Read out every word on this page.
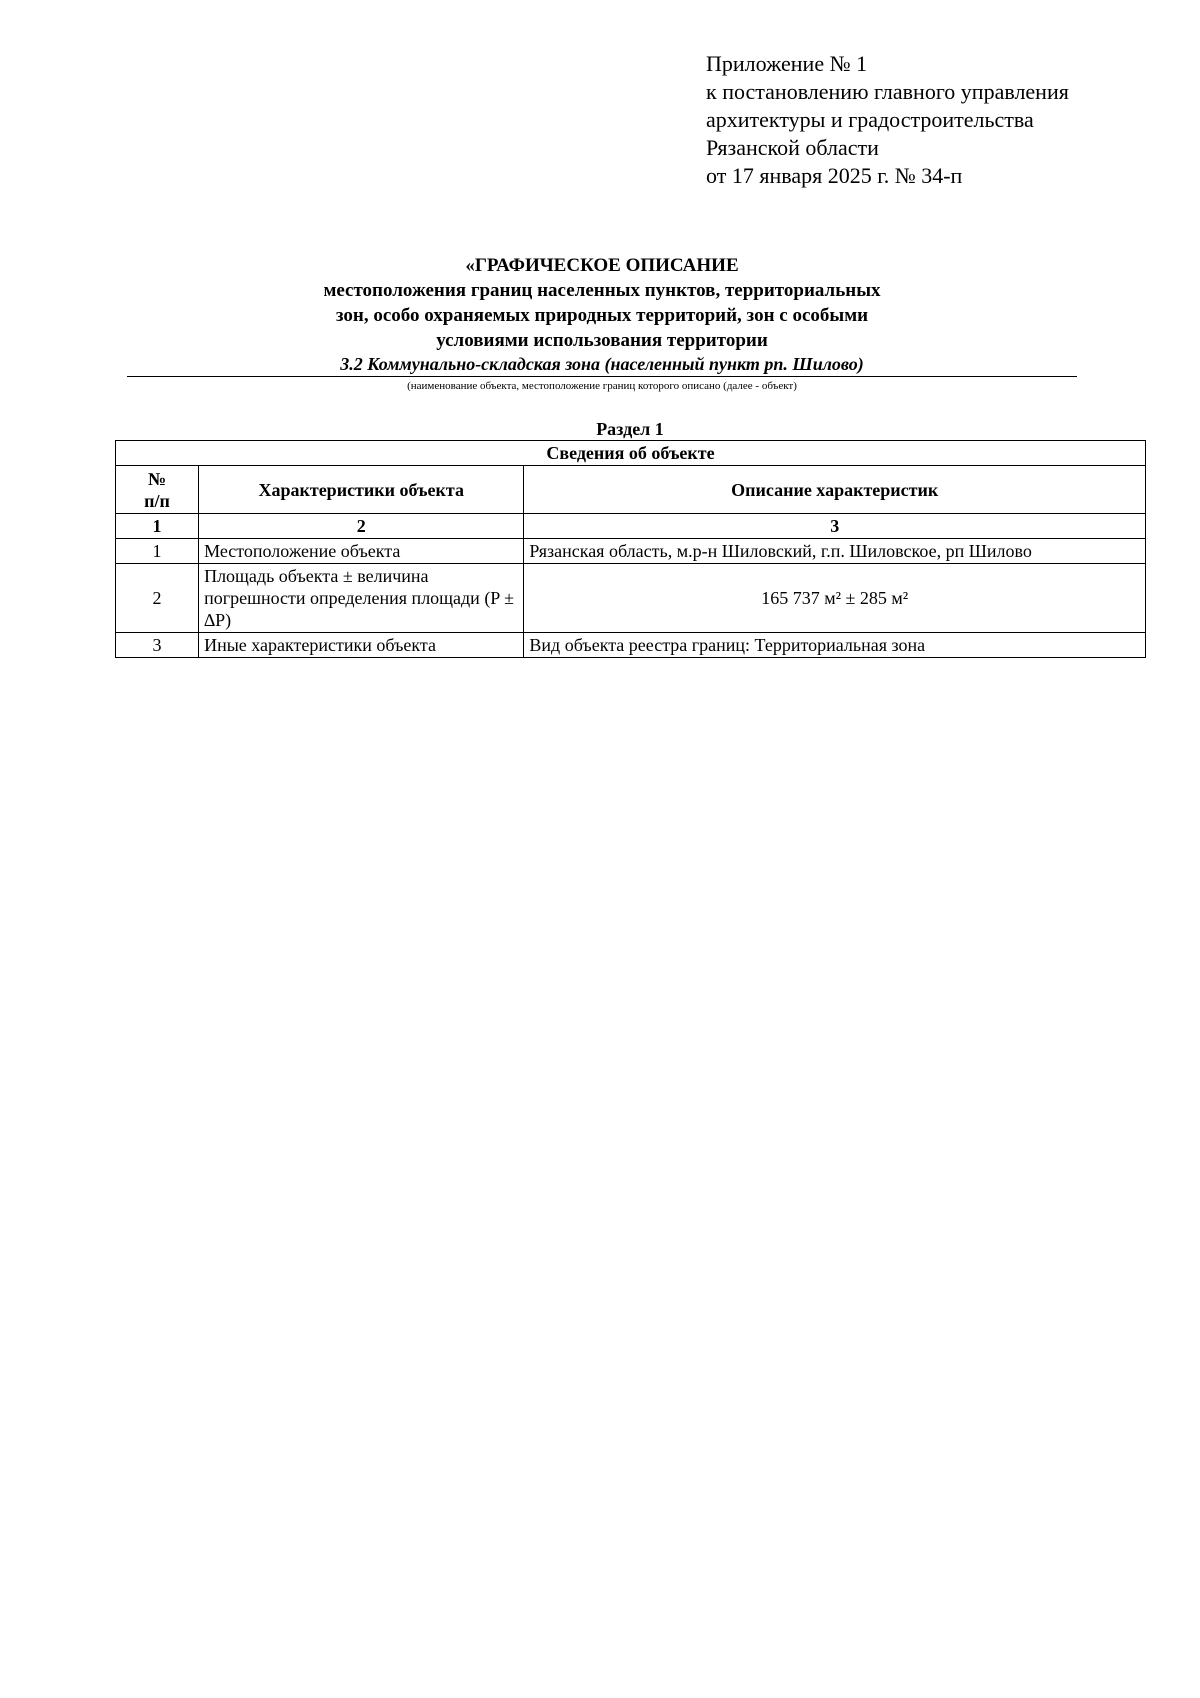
Приложение № 1
к постановлению главного управления
архитектуры и градостроительства
Рязанской области
от 17 января 2025 г. № 34-п
«ГРАФИЧЕСКОЕ ОПИСАНИЕ
местоположения границ населенных пунктов, территориальных
зон, особо охраняемых природных территорий, зон с особыми
условиями использования территории
3.2 Коммунально-складская зона (населенный пункт рп. Шилово)
(наименование объекта, местоположение границ которого описано (далее - объект)
Раздел 1
Сведения об объекте		
№
п/п	Характеристики объекта	Описание характеристик
1	2	3
1	Местоположение объекта	Рязанская область, м.р-н Шиловский, г.п. Шиловское, рп Шилово
2	Площадь объекта ± величина погрешности определения площади (P ± ∆P)	165 737 м² ± 285 м²
3	Иные характеристики объекта	Вид объекта реестра границ: Территориальная зона
